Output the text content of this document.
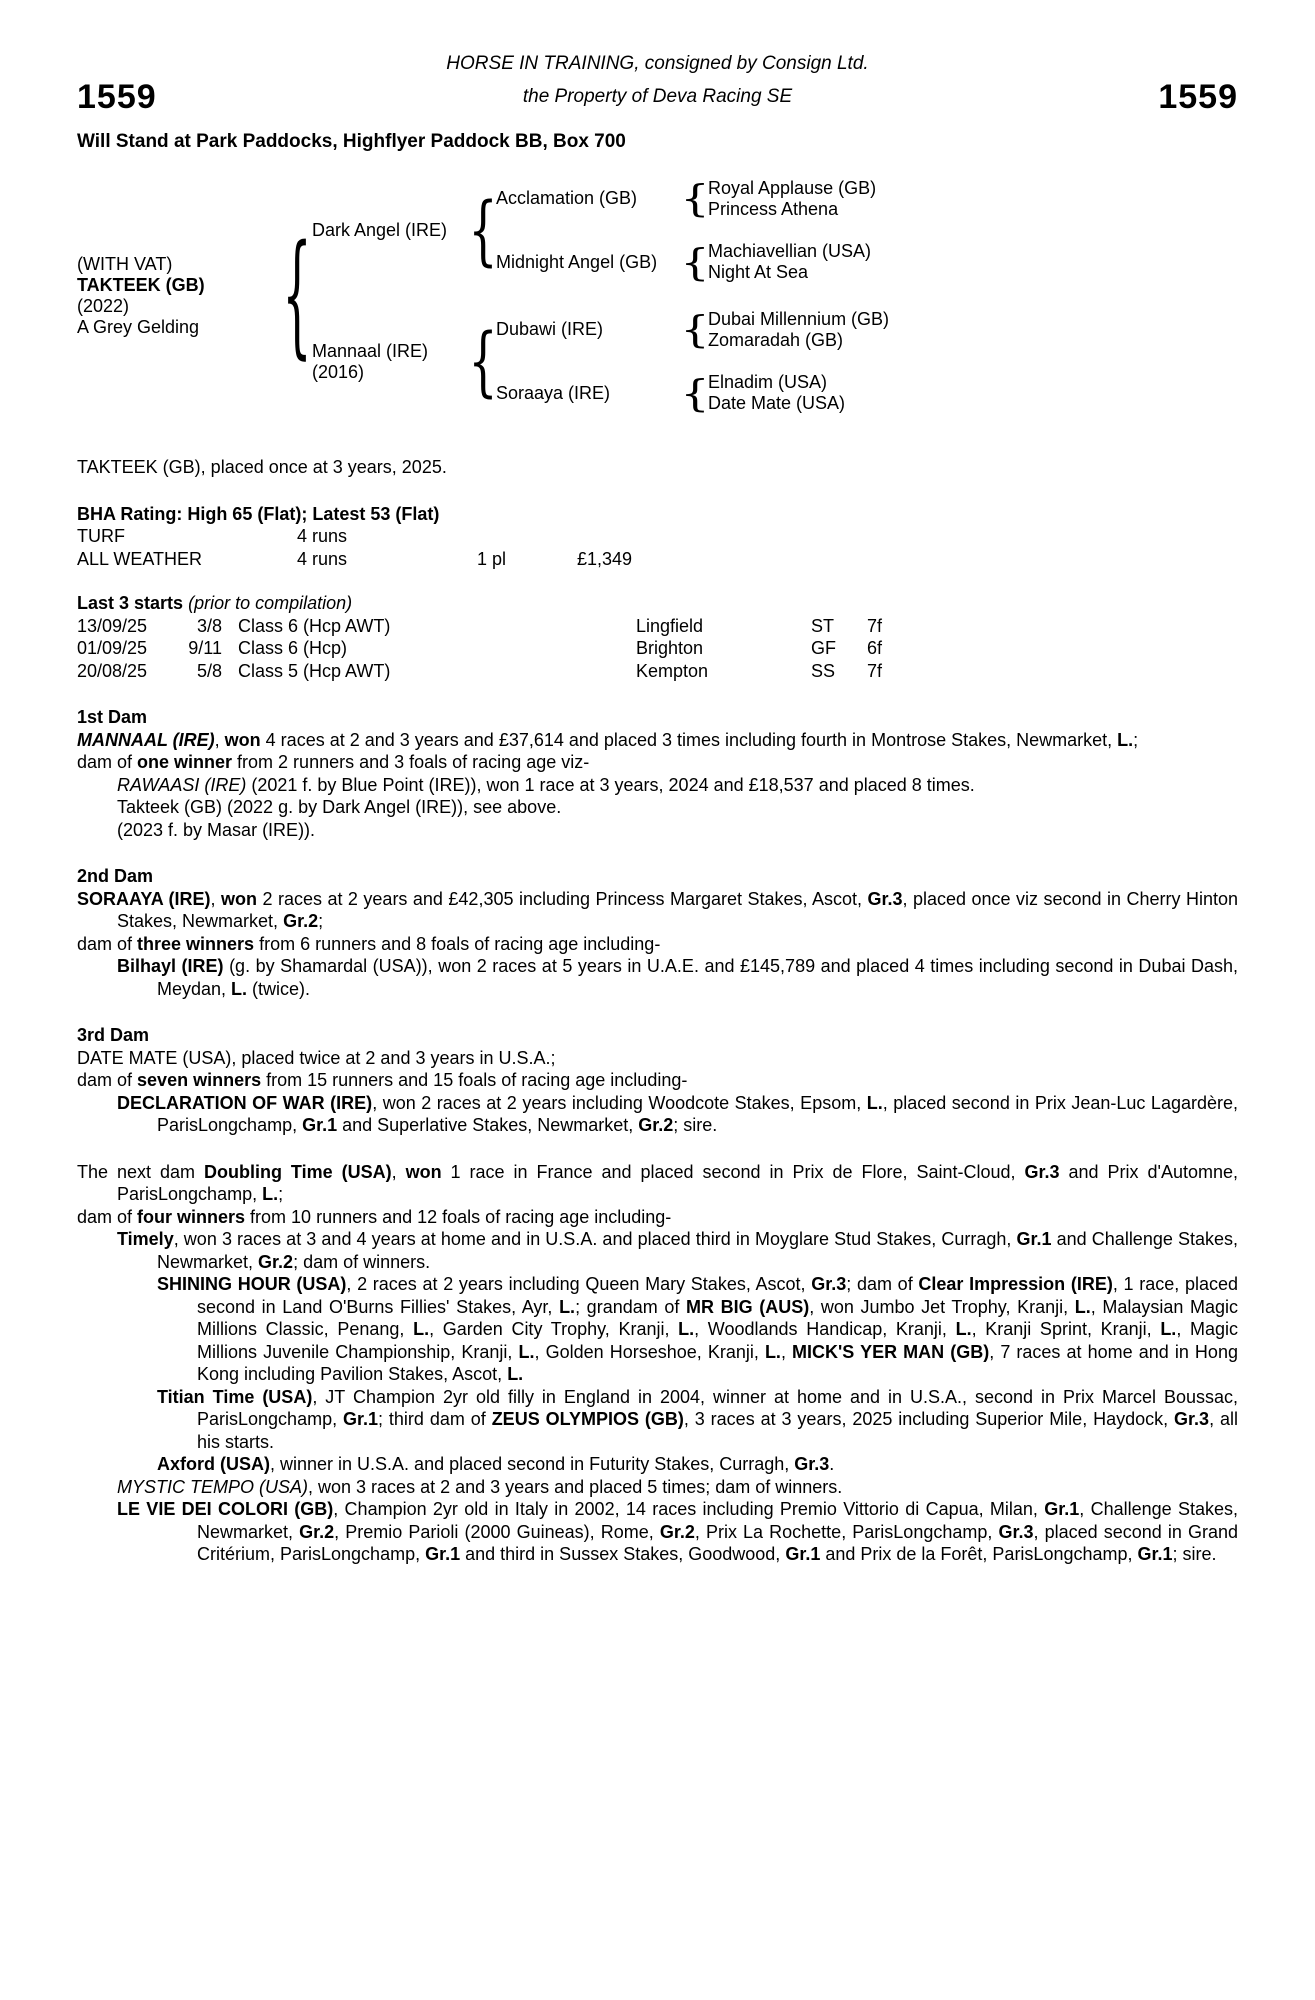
HORSE IN TRAINING, consigned by Consign Ltd.
1559	the Property of Deva Racing SE	1559
Will Stand at Park Paddocks, Highflyer Paddock BB, Box 700
(WITH VAT)
TAKTEEK (GB)
(2022)
A Grey Gelding	{ Dark Angel (IRE) {
Acclamation (GB) {
Royal Applause (GB)
Princess Athena
Midnight Angel (GB) {
Machiavellian (USA)
Night At Sea
Mannaal (IRE)
(2016)	{
Dubawi (IRE)	{
Dubai Millennium (GB)
Zomaradah (GB)
Soraaya (IRE)	{
Elnadim (USA)
Date Mate (USA)

TAKTEEK (GB), placed once at 3 years, 2025.

BHA Rating: High 65 (Flat); Latest 53 (Flat)
TURF	4 runs
ALL WEATHER	4 runs	1 pl	£1,349
Last 3 starts (prior to compilation)
13/09/25	3/8 Class 6 (Hcp AWT)	Lingfield	ST	7f
01/09/25	9/11 Class 6 (Hcp)	Brighton	GF	6f
20/08/25	5/8 Class 5 (Hcp AWT)	Kempton	SS	7f
1st Dam

MANNAAL (IRE), won 4 races at 2 and 3 years and £37,614 and placed 3 times including fourth in Montrose Stakes, Newmarket, L.;

dam of one winner from 2 runners and 3 foals of racing age viz-

RAWAASI (IRE) (2021 f. by Blue Point (IRE)), won 1 race at 3 years, 2024 and £18,537 and placed 8 times.

Takteek (GB) (2022 g. by Dark Angel (IRE)), see above.

(2023 f. by Masar (IRE)).

2nd Dam

SORAAYA (IRE), won 2 races at 2 years and £42,305 including Princess Margaret Stakes, Ascot, Gr.3, placed once viz second in Cherry Hinton Stakes, Newmarket, Gr.2;

dam of three winners from 6 runners and 8 foals of racing age including-

Bilhayl (IRE) (g. by Shamardal (USA)), won 2 races at 5 years in U.A.E. and £145,789 and placed 4 times including second in Dubai Dash, Meydan, L. (twice).

3rd Dam

DATE MATE (USA), placed twice at 2 and 3 years in U.S.A.;

dam of seven winners from 15 runners and 15 foals of racing age including-

DECLARATION OF WAR (IRE), won 2 races at 2 years including Woodcote Stakes, Epsom, L., placed second in Prix Jean-Luc Lagardère, ParisLongchamp, Gr.1 and Superlative Stakes, Newmarket, Gr.2; sire.

The next dam Doubling Time (USA), won 1 race in France and placed second in Prix de Flore, Saint-Cloud, Gr.3 and Prix d'Automne, ParisLongchamp, L.;

dam of four winners from 10 runners and 12 foals of racing age including-

Timely, won 3 races at 3 and 4 years at home and in U.S.A. and placed third in Moyglare Stud Stakes, Curragh, Gr.1 and Challenge Stakes, Newmarket, Gr.2; dam of winners.

SHINING HOUR (USA), 2 races at 2 years including Queen Mary Stakes, Ascot, Gr.3; dam of Clear Impression (IRE), 1 race, placed second in Land O'Burns Fillies' Stakes, Ayr, L.; grandam of MR BIG (AUS), won Jumbo Jet Trophy, Kranji, L., Malaysian Magic Millions Classic, Penang, L., Garden City Trophy, Kranji, L., Woodlands Handicap, Kranji, L., Kranji Sprint, Kranji, L., Magic Millions Juvenile Championship, Kranji, L., Golden Horseshoe, Kranji, L., MICK'S YER MAN (GB), 7 races at home and in Hong Kong including Pavilion Stakes, Ascot, L.

Titian Time (USA), JT Champion 2yr old filly in England in 2004, winner at home and in U.S.A., second in Prix Marcel Boussac, ParisLongchamp, Gr.1; third dam of ZEUS OLYMPIOS (GB), 3 races at 3 years, 2025 including Superior Mile, Haydock, Gr.3, all his starts.

Axford (USA), winner in U.S.A. and placed second in Futurity Stakes, Curragh, Gr.3.

MYSTIC TEMPO (USA), won 3 races at 2 and 3 years and placed 5 times; dam of winners.

LE VIE DEI COLORI (GB), Champion 2yr old in Italy in 2002, 14 races including Premio Vittorio di Capua, Milan, Gr.1, Challenge Stakes, Newmarket, Gr.2, Premio Parioli (2000 Guineas), Rome, Gr.2, Prix La Rochette, ParisLongchamp, Gr.3, placed second in Grand Critérium, ParisLongchamp, Gr.1 and third in Sussex Stakes, Goodwood, Gr.1 and Prix de la Forêt, ParisLongchamp, Gr.1; sire.
